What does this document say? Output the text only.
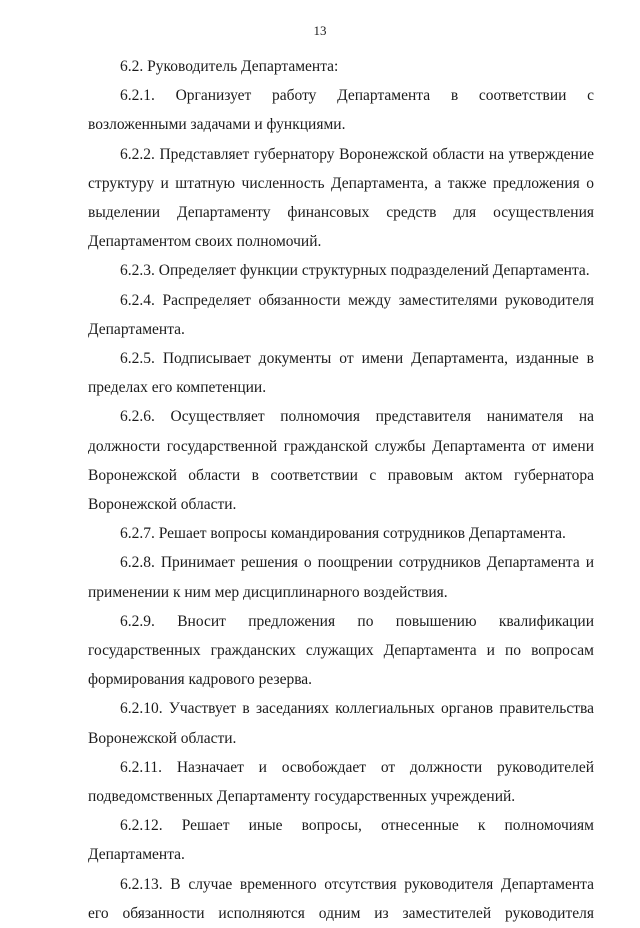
13

6.2. Руководитель Департамента:

6.2.1. Организует работу Департамента в соответствии с возложенными задачами и функциями.

6.2.2. Представляет губернатору Воронежской области на утверждение структуру и штатную численность Департамента, а также предложения о выделении Департаменту финансовых средств для осуществления Департаментом своих полномочий.

6.2.3. Определяет функции структурных подразделений Департамента.

6.2.4. Распределяет обязанности между заместителями руководителя Департамента.

6.2.5. Подписывает документы от имени Департамента, изданные в пределах его компетенции.

6.2.6. Осуществляет полномочия представителя нанимателя на должности государственной гражданской службы Департамента от имени Воронежской области в соответствии с правовым актом губернатора Воронежской области.

6.2.7. Решает вопросы командирования сотрудников Департамента.

6.2.8. Принимает решения о поощрении сотрудников Департамента и применении к ним мер дисциплинарного воздействия.

6.2.9. Вносит предложения по повышению квалификации государственных гражданских служащих Департамента и по вопросам формирования кадрового резерва.

6.2.10. Участвует в заседаниях коллегиальных органов правительства Воронежской области.

6.2.11. Назначает и освобождает от должности руководителей подведомственных Департаменту государственных учреждений.

6.2.12. Решает иные вопросы, отнесенные к полномочиям Департамента.

6.2.13. В случае временного отсутствия руководителя Департамента его обязанности исполняются одним из заместителей руководителя
